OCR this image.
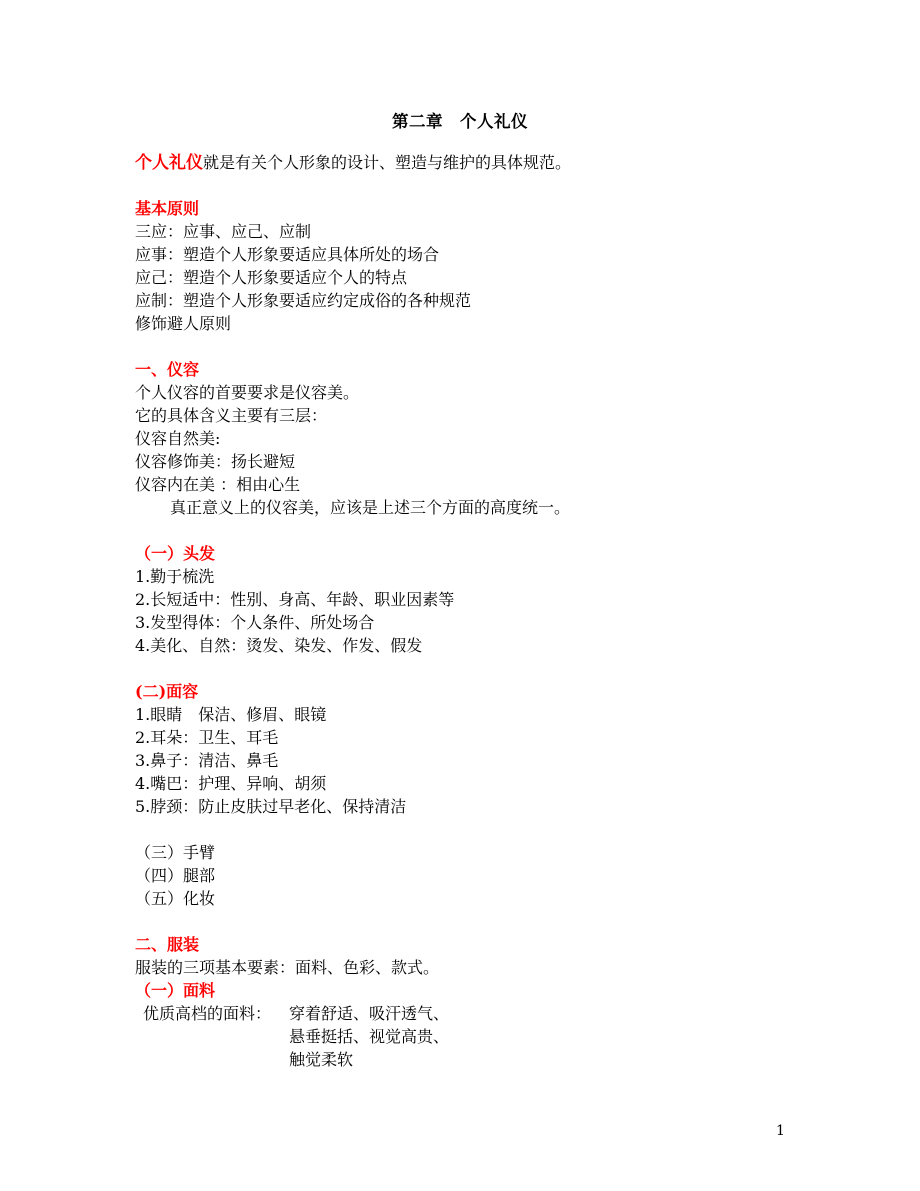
第二章　个人礼仪
个人礼仪就是有关个人形象的设计、塑造与维护的具体规范。
基本原则
三应：应事、应己、应制
应事：塑造个人形象要适应具体所处的场合
应己：塑造个人形象要适应个人的特点
应制：塑造个人形象要适应约定成俗的各种规范
修饰避人原则
一、仪容
个人仪容的首要要求是仪容美。
它的具体含义主要有三层：
仪容自然美:
仪容修饰美：扬长避短
仪容内在美 ：相由心生
真正意义上的仪容美，应该是上述三个方面的高度统一。
（一）头发
1.勤于梳洗
2.长短适中：性别、身高、年龄、职业因素等
3.发型得体：个人条件、所处场合
4.美化、自然：烫发、染发、作发、假发
(二)面容
1.眼睛　保洁、修眉、眼镜
2.耳朵：卫生、耳毛
3.鼻子：清洁、鼻毛
4.嘴巴：护理、异响、胡须
5.脖颈：防止皮肤过早老化、保持清洁
（三）手臂
（四）腿部
（五）化妆
二、服装
服装的三项基本要素：面料、色彩、款式。
（一）面料
优质高档的面料： 穿着舒适、吸汗透气、
悬垂挺括、视觉高贵、
触觉柔软
1
